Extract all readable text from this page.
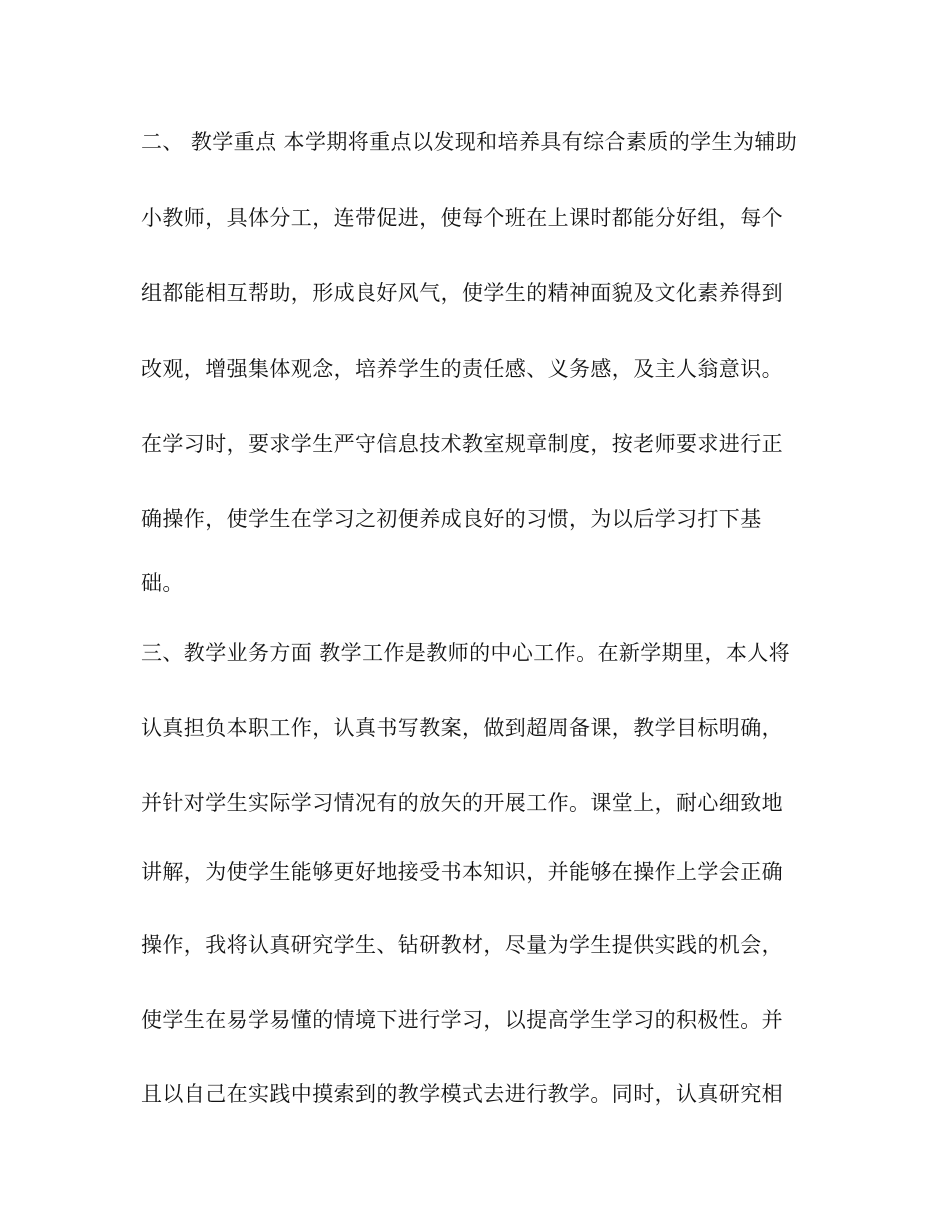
二、 教学重点 本学期将重点以发现和培养具有综合素质的学生为辅助
小教师，具体分工，连带促进，使每个班在上课时都能分好组，每个
组都能相互帮助，形成良好风气，使学生的精神面貌及文化素养得到
改观，增强集体观念，培养学生的责任感、义务感，及主人翁意识。
在学习时，要求学生严守信息技术教室规章制度，按老师要求进行正
确操作，使学生在学习之初便养成良好的习惯，为以后学习打下基
础。
三、教学业务方面 教学工作是教师的中心工作。在新学期里，本人将
认真担负本职工作，认真书写教案，做到超周备课，教学目标明确，
并针对学生实际学习情况有的放矢的开展工作。课堂上，耐心细致地
讲解，为使学生能够更好地接受书本知识，并能够在操作上学会正确
操作，我将认真研究学生、钻研教材，尽量为学生提供实践的机会，
使学生在易学易懂的情境下进行学习，以提高学生学习的积极性。并
且以自己在实践中摸索到的教学模式去进行教学。同时，认真研究相
